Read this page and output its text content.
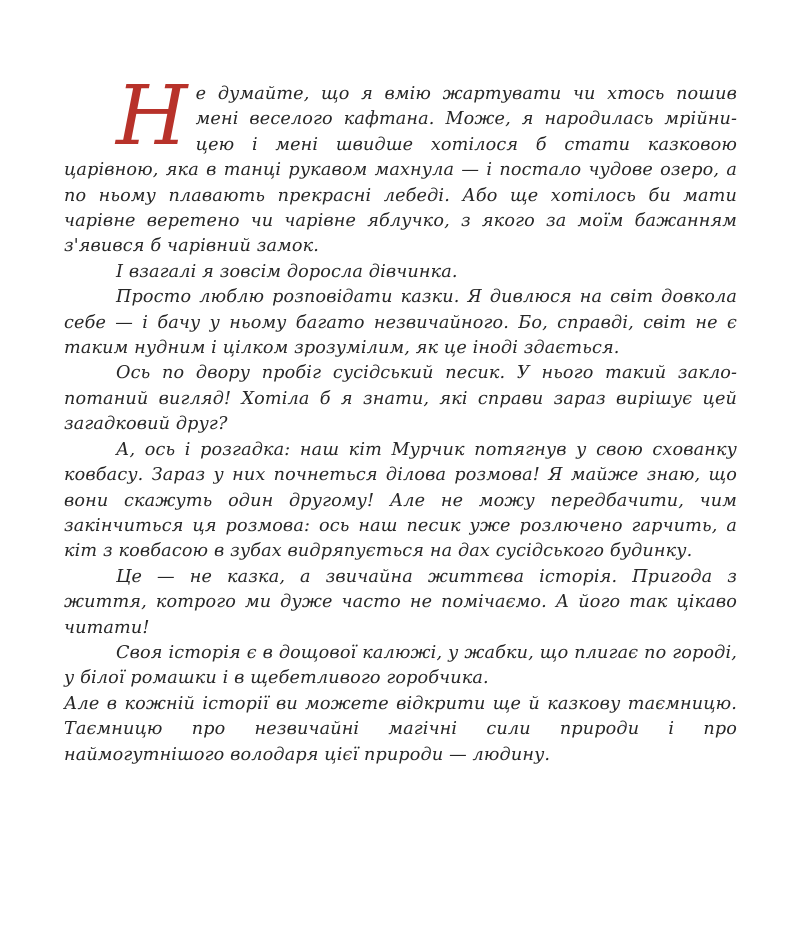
Не думайте, що я вмію жартувати чи хтось пошив мені веселого кафтана. Може, я народилась мрійницею і мені швидше хотілося б стати казковою царівною, яка в танці рукавом махнула — і постало чудове озеро, а по ньому плавають прекрасні лебеді. Або ще хотілось би мати чарівне веретено чи чарівне яблучко, з якого за моїм бажанням з'явився б чарівний замок.

І взагалі я зовсім доросла дівчинка.

Просто люблю розповідати казки. Я дивлюся на світ довкола себе — і бачу у ньому багато незвичайного. Бо, справді, світ не є таким нудним і цілком зрозумілим, як це іноді здається.

Ось по двору пробіг сусідський песик. У нього такий заклопотаний вигляд! Хотіла б я знати, які справи зараз вирішує цей загадковий друг?

А, ось і розгадка: наш кіт Мурчик потягнув у свою схованку ковбасу. Зараз у них почнеться ділова розмова! Я майже знаю, що вони скажуть один другому! Але не можу передбачити, чим закінчиться ця розмова: ось наш песик уже розлючено гарчить, а кіт з ковбасою в зубах видряпується на дах сусідського будинку.

Це — не казка, а звичайна життєва історія. Пригода з життя, котрого ми дуже часто не помічаємо. А його так цікаво читати!

Своя історія є в дощової калюжі, у жабки, що плигає по городі, у білої ромашки і в щебетливого горобчика.

Але в кожній історії ви можете відкрити ще й казкову таємницю. Таємницю про незвичайні магічні сили природи і про наймогутнішого володаря цієї природи — людину.
